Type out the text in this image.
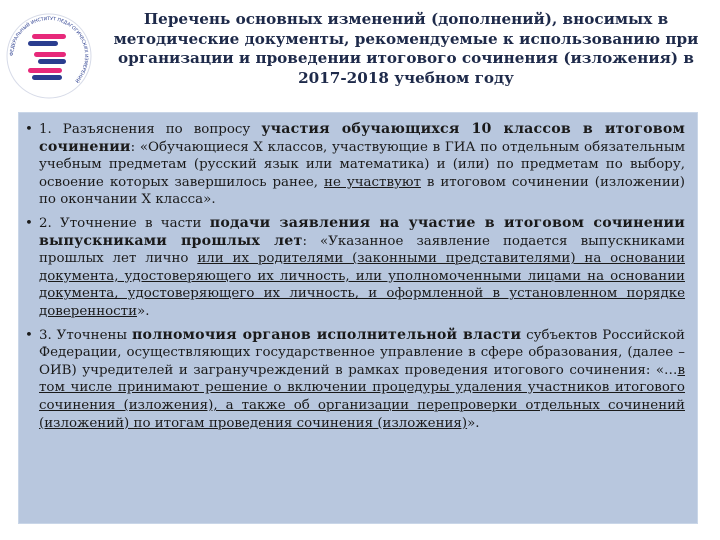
ФЕДЕРАЛЬНЫЙ ИНСТИТУТ ПЕДАГОГИЧЕСКИХ ИЗМЕРЕНИЙ
Перечень основных изменений (дополнений), вносимых в методические документы, рекомендуемые к использованию при организации и проведении итогового сочинения (изложения) в 2017-2018 учебном году
• 1. Разъяснения по вопросу участия обучающихся 10 классов в итоговом сочинении: «Обучающиеся X классов, участвующие в ГИА по отдельным обязательным учебным предметам (русский язык или математика) и (или) по предметам по выбору, освоение которых завершилось ранее, не участвуют в итоговом сочинении (изложении) по окончании X класса».
• 2. Уточнение в части подачи заявления на участие в итоговом сочинении выпускниками прошлых лет: «Указанное заявление подается выпускниками прошлых лет лично или их родителями (законными представителями) на основании документа, удостоверяющего их личность, или уполномоченными лицами на основании документа, удостоверяющего их личность, и оформленной в установленном порядке доверенности».
• 3. Уточнены полномочия органов исполнительной власти субъектов Российской Федерации, осуществляющих государственное управление в сфере образования, (далее – ОИВ) учредителей и загранучреждений в рамках проведения итогового сочинения: «…в том числе принимают решение о включении процедуры удаления участников итогового сочинения (изложения), а также об организации перепроверки отдельных сочинений (изложений) по итогам проведения сочинения (изложения)».
